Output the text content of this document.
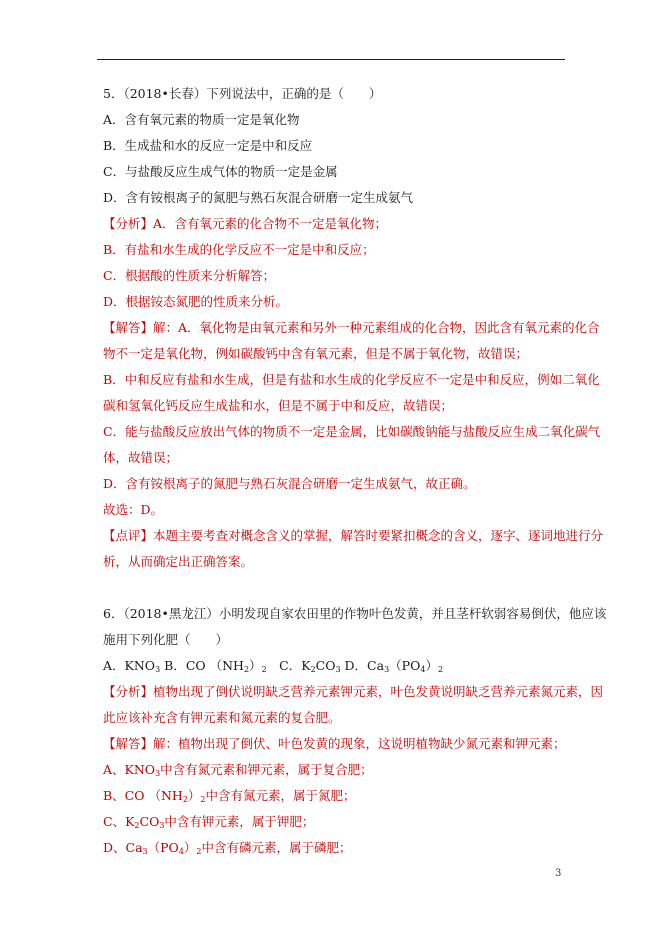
5．（2018•长春）下列说法中，正确的是（　　）
A．含有氧元素的物质一定是氧化物
B．生成盐和水的反应一定是中和反应
C．与盐酸反应生成气体的物质一定是金属
D．含有铵根离子的氮肥与熟石灰混合研磨一定生成氨气
【分析】A．含有氧元素的化合物不一定是氧化物；
B．有盐和水生成的化学反应不一定是中和反应；
C．根据酸的性质来分析解答；
D．根据铵态氮肥的性质来分析。
【解答】解：A．氧化物是由氧元素和另外一种元素组成的化合物，因此含有氧元素的化合
物不一定是氧化物，例如碳酸钙中含有氧元素，但是不属于氧化物，故错误；
B．中和反应有盐和水生成，但是有盐和水生成的化学反应不一定是中和反应，例如二氧化
碳和氢氧化钙反应生成盐和水，但是不属于中和反应，故错误；
C．能与盐酸反应放出气体的物质不一定是金属，比如碳酸钠能与盐酸反应生成二氧化碳气
体，故错误；
D．含有铵根离子的氮肥与熟石灰混合研磨一定生成氨气，故正确。
故选：D。
【点评】本题主要考查对概念含义的掌握，解答时要紧扣概念的含义，逐字、逐词地进行分
析，从而确定出正确答案。
6．（2018•黑龙江）小明发现自家农田里的作物叶色发黄，并且茎杆软弱容易倒伏，他应该
施用下列化肥（　　）
A．$KNO_3$ B．CO $(NH_2)_2$　C．$K_2CO_3$ D．$Ca_3(PO_4)_2$
【分析】植物出现了倒伏说明缺乏营养元素钾元素，叶色发黄说明缺乏营养元素氮元素，因
此应该补充含有钾元素和氮元素的复合肥。
【解答】解：植物出现了倒伏、叶色发黄的现象，这说明植物缺少氮元素和钾元素；
A、$KNO_3$中含有氮元素和钾元素，属于复合肥；
B、CO $(NH_2)_2$中含有氮元素，属于氮肥；
C、$K_2CO_3$中含有钾元素，属于钾肥；
D、$Ca_3(PO_4)_2$中含有磷元素，属于磷肥；
3
